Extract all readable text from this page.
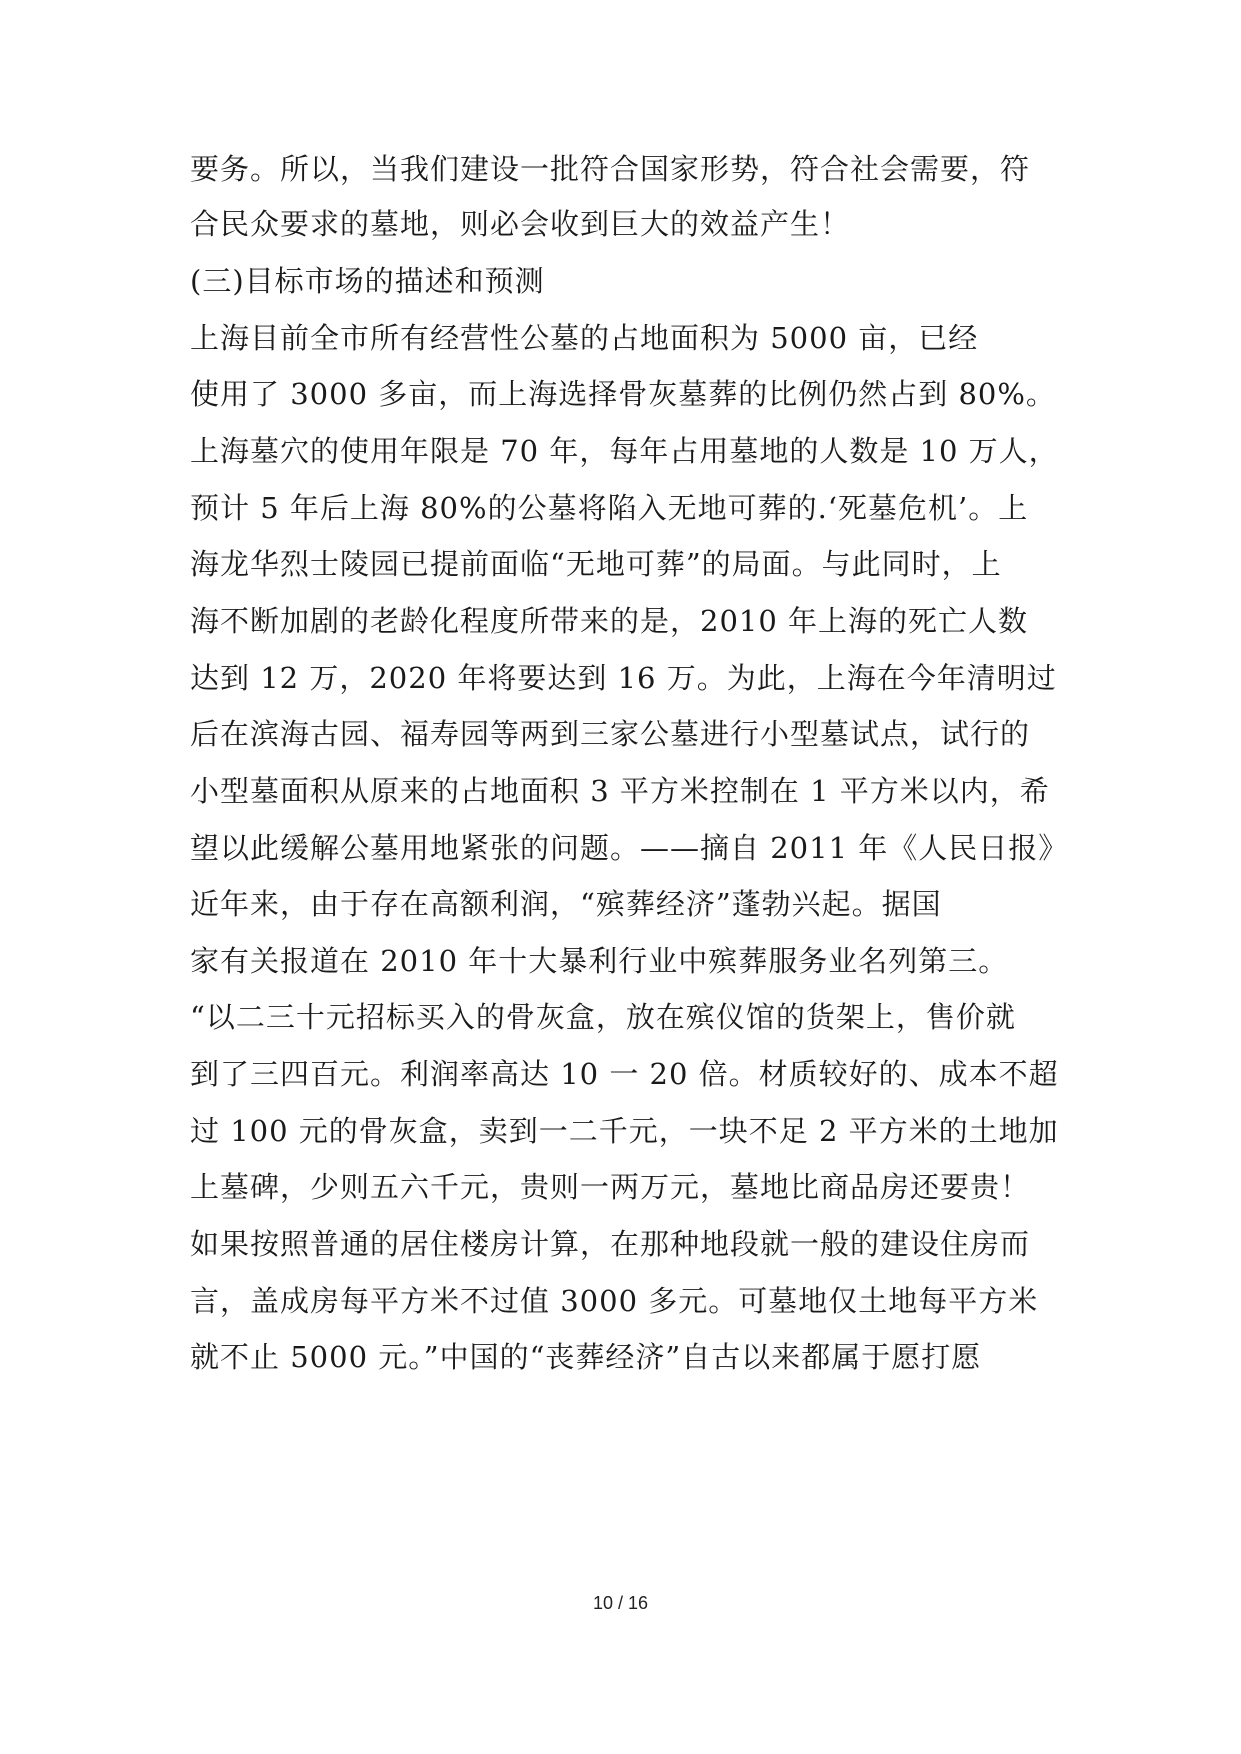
要务。所以，当我们建设一批符合国家形势，符合社会需要，符
合民众要求的墓地，则必会收到巨大的效益产生！
(三)目标市场的描述和预测
上海目前全市所有经营性公墓的占地面积为 5000 亩，已经
使用了 3000 多亩，而上海选择骨灰墓葬的比例仍然占到 80%。
上海墓穴的使用年限是 70 年，每年占用墓地的人数是 10 万人，
预计 5 年后上海 80%的公墓将陷入无地可葬的.‘死墓危机’。上
海龙华烈士陵园已提前面临“无地可葬”的局面。与此同时，上
海不断加剧的老龄化程度所带来的是，2010 年上海的死亡人数
达到 12 万，2020 年将要达到 16 万。为此，上海在今年清明过
后在滨海古园、福寿园等两到三家公墓进行小型墓试点，试行的
小型墓面积从原来的占地面积 3 平方米控制在 1 平方米以内，希
望以此缓解公墓用地紧张的问题。——摘自 2011 年《人民日报》
近年来，由于存在高额利润，“殡葬经济”蓬勃兴起。据国
家有关报道在 2010 年十大暴利行业中殡葬服务业名列第三。
“以二三十元招标买入的骨灰盒，放在殡仪馆的货架上，售价就
到了三四百元。利润率高达 10 一 20 倍。材质较好的、成本不超
过 100 元的骨灰盒，卖到一二千元，一块不足 2 平方米的土地加
上墓碑，少则五六千元，贵则一两万元，墓地比商品房还要贵！
如果按照普通的居住楼房计算，在那种地段就一般的建设住房而
言，盖成房每平方米不过值 3000 多元。可墓地仅土地每平方米
就不止 5000 元。”中国的“丧葬经济”自古以来都属于愿打愿
10 / 16
